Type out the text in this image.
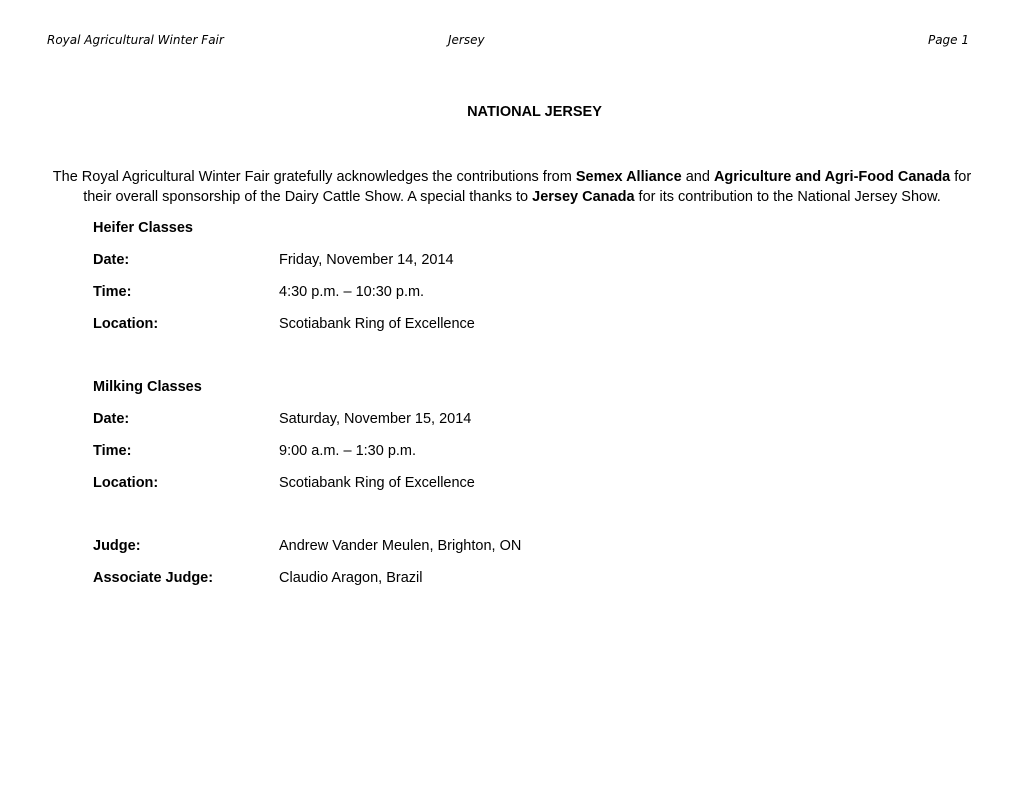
Royal Agricultural Winter Fair	Jersey	Page 1
NATIONAL JERSEY
The Royal Agricultural Winter Fair gratefully acknowledges the contributions from Semex Alliance and Agriculture and Agri-Food Canada for their overall sponsorship of the Dairy Cattle Show. A special thanks to Jersey Canada for its contribution to the National Jersey Show.
Heifer Classes
Date:	Friday, November 14, 2014
Time:	4:30 p.m. – 10:30 p.m.
Location:	Scotiabank Ring of Excellence
Milking Classes
Date:	Saturday, November 15, 2014
Time:	9:00 a.m. – 1:30 p.m.
Location:	Scotiabank Ring of Excellence
Judge:	Andrew Vander Meulen, Brighton, ON
Associate Judge:	Claudio Aragon, Brazil
